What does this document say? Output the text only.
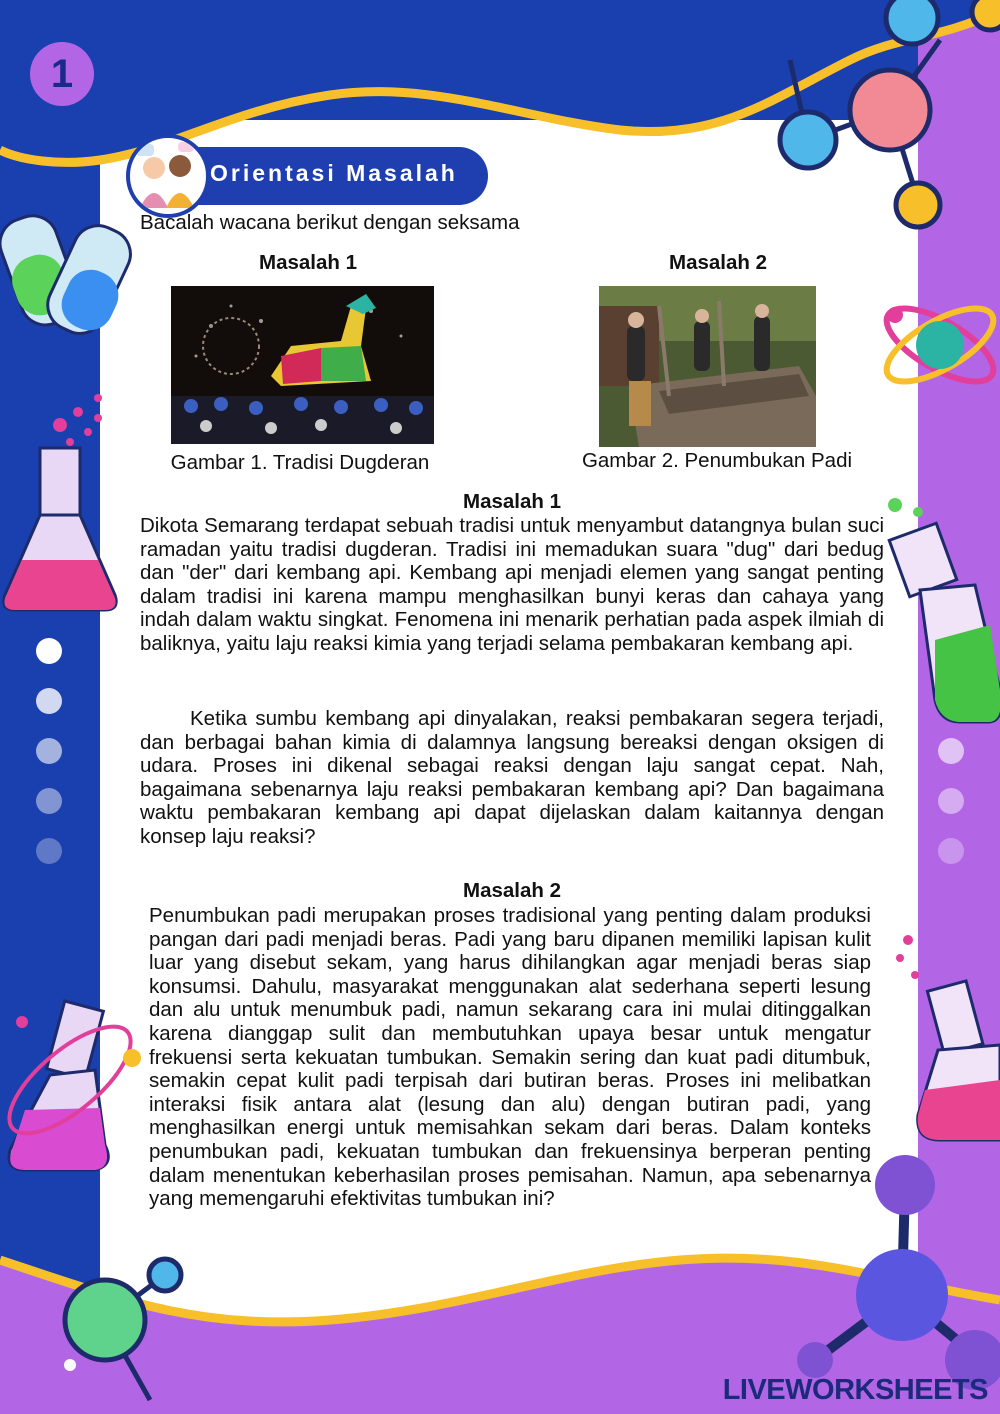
1
Orientasi Masalah
Bacalah wacana berikut dengan seksama
Masalah 1	Masalah 2
Gambar 1. Tradisi Dugderan	Gambar 2. Penumbukan Padi
Masalah 1
Dikota Semarang terdapat sebuah tradisi untuk menyambut datangnya bulan suci ramadan yaitu tradisi dugderan. Tradisi ini memadukan suara "dug" dari bedug dan "der" dari kembang api. Kembang api menjadi elemen yang sangat penting dalam tradisi ini karena mampu menghasilkan bunyi keras dan cahaya yang indah dalam waktu singkat. Fenomena ini menarik perhatian pada aspek ilmiah di baliknya, yaitu laju reaksi kimia yang terjadi selama pembakaran kembang api.
Ketika sumbu kembang api dinyalakan, reaksi pembakaran segera terjadi, dan berbagai bahan kimia di dalamnya langsung bereaksi dengan oksigen di udara. Proses ini dikenal sebagai reaksi dengan laju sangat cepat. Nah, bagaimana sebenarnya laju reaksi pembakaran kembang api? Dan bagaimana waktu pembakaran kembang api dapat dijelaskan dalam kaitannya dengan konsep laju reaksi?
Masalah 2
Penumbukan padi merupakan proses tradisional yang penting dalam produksi pangan dari padi menjadi beras. Padi yang baru dipanen memiliki lapisan kulit luar yang disebut sekam, yang harus dihilangkan agar menjadi beras siap konsumsi. Dahulu, masyarakat menggunakan alat sederhana seperti lesung dan alu untuk menumbuk padi, namun sekarang cara ini mulai ditinggalkan karena dianggap sulit dan membutuhkan upaya besar untuk mengatur frekuensi serta kekuatan tumbukan. Semakin sering dan kuat padi ditumbuk, semakin cepat kulit padi terpisah dari butiran beras. Proses ini melibatkan interaksi fisik antara alat (lesung dan alu) dengan butiran padi, yang menghasilkan energi untuk memisahkan sekam dari beras. Dalam konteks penumbukan padi, kekuatan tumbukan dan frekuensinya berperan penting dalam menentukan keberhasilan proses pemisahan. Namun, apa sebenarnya yang memengaruhi efektivitas tumbukan ini?
LIVEWORKSHEETS
